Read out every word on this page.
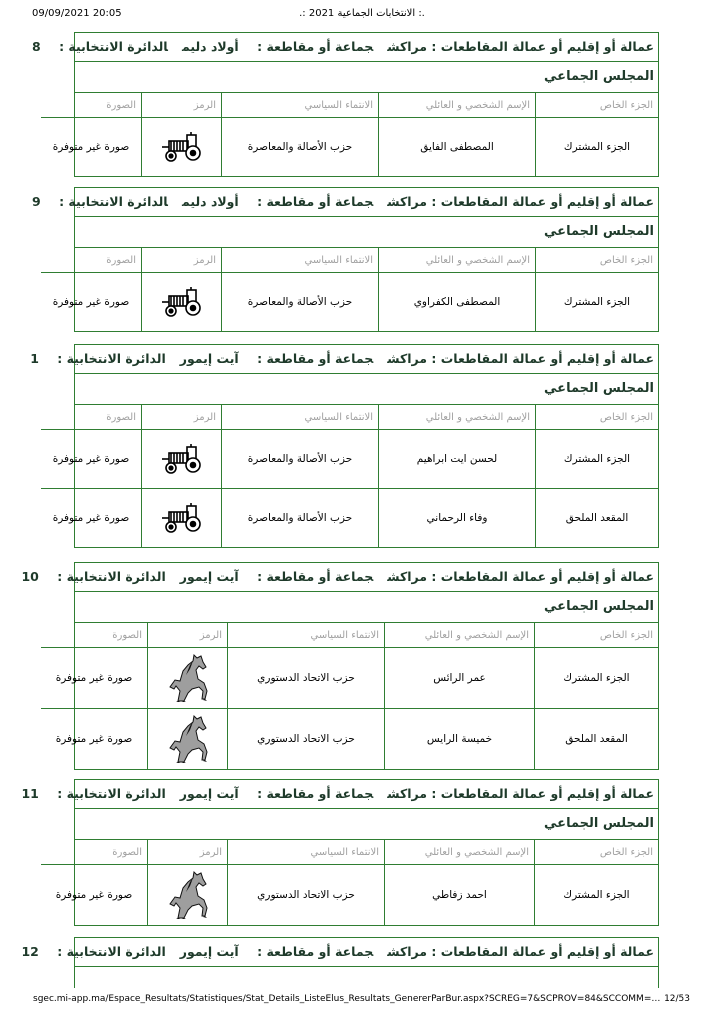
09/09/2021 20:05	.: الانتخابات الجماعية 2021 :.
عمالة أو إقليم أو عمالة المقاطعات : مراكشجماعة أو مقاطعة : أولاد دليمالدائرة الانتخابية : 8
المجلس الجماعي
الجزء الخاص	الإسم الشخصي و العائلي	الانتماء السياسي	الرمز	الصورة
الجزء المشترك	المصطفى الفايق	حزب الأصالة والمعاصرة		صورة غير متوفرة
عمالة أو إقليم أو عمالة المقاطعات : مراكشجماعة أو مقاطعة : أولاد دليمالدائرة الانتخابية : 9
المجلس الجماعي
الجزء الخاص	الإسم الشخصي و العائلي	الانتماء السياسي	الرمز	الصورة
الجزء المشترك	المصطفى الكفراوي	حزب الأصالة والمعاصرة		صورة غير متوفرة
عمالة أو إقليم أو عمالة المقاطعات : مراكشجماعة أو مقاطعة : آيت إيمورالدائرة الانتخابية : 1
المجلس الجماعي
الجزء الخاص	الإسم الشخصي و العائلي	الانتماء السياسي	الرمز	الصورة
الجزء المشترك	لحسن ايت ابراهيم	حزب الأصالة والمعاصرة		صورة غير متوفرة
المقعد الملحق	وفاء الرحماني	حزب الأصالة والمعاصرة		صورة غير متوفرة
عمالة أو إقليم أو عمالة المقاطعات : مراكشجماعة أو مقاطعة : آيت إيمورالدائرة الانتخابية : 10
المجلس الجماعي
الجزء الخاص	الإسم الشخصي و العائلي	الانتماء السياسي	الرمز	الصورة
الجزء المشترك	عمر الرائس	حزب الاتحاد الدستوري		صورة غير متوفرة
المقعد الملحق	خميسة الرايس	حزب الاتحاد الدستوري		صورة غير متوفرة
عمالة أو إقليم أو عمالة المقاطعات : مراكشجماعة أو مقاطعة : آيت إيمورالدائرة الانتخابية : 11
المجلس الجماعي
الجزء الخاص	الإسم الشخصي و العائلي	الانتماء السياسي	الرمز	الصورة
الجزء المشترك	احمد زفاطي	حزب الاتحاد الدستوري		صورة غير متوفرة
عمالة أو إقليم أو عمالة المقاطعات : مراكشجماعة أو مقاطعة : آيت إيمورالدائرة الانتخابية : 12
sgec.mi-app.ma/Espace_Resultats/Statistiques/Stat_Details_ListeElus_Resultats_GenererParBur.aspx?SCREG=7&SCPROV=84&SCCOMM=… 12/53
